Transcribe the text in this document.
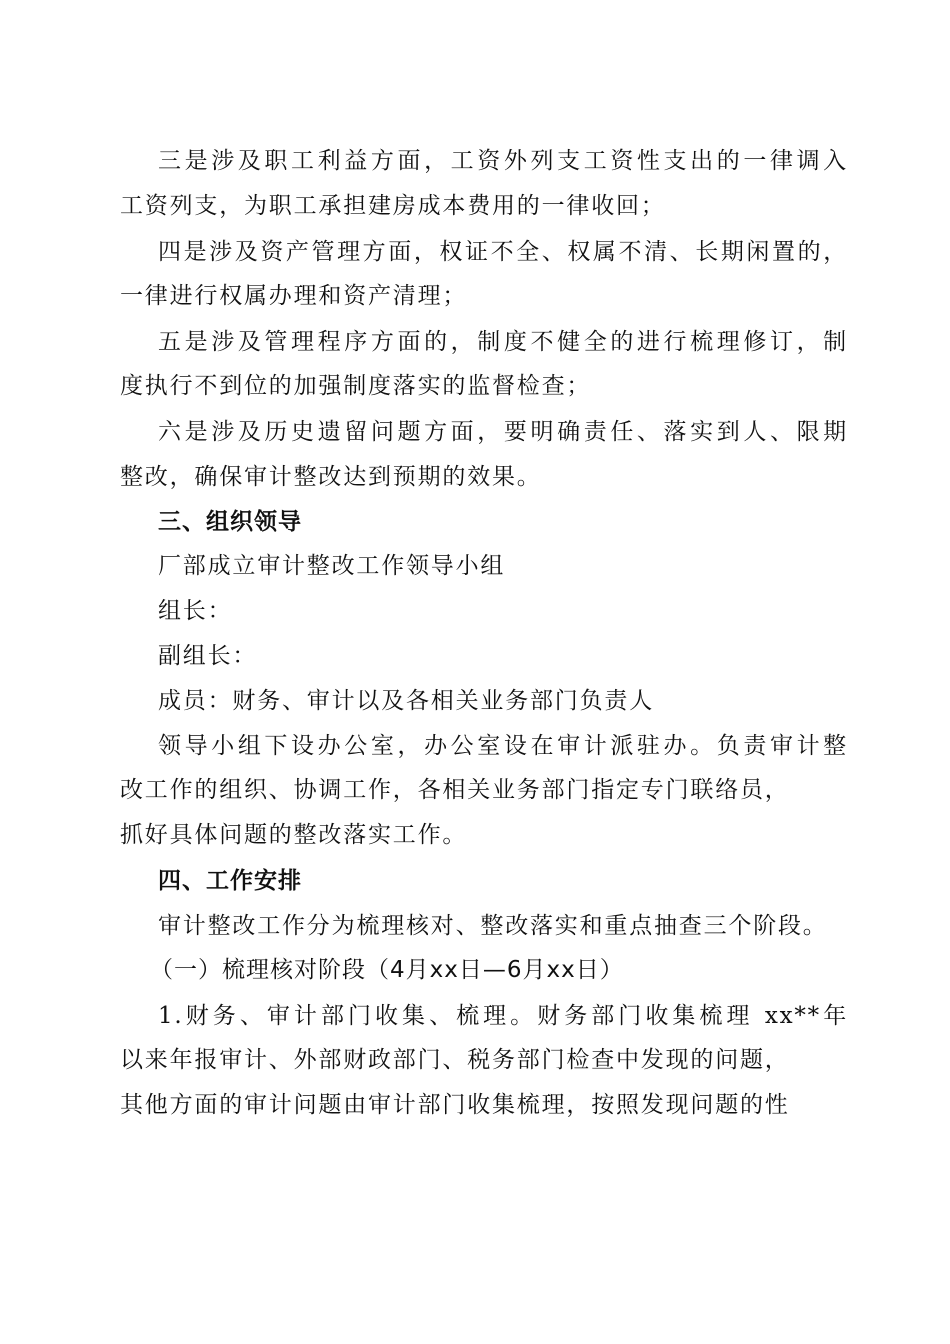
三是涉及职工利益方面，工资外列支工资性支出的一律调入
工资列支，为职工承担建房成本费用的一律收回；
四是涉及资产管理方面，权证不全、权属不清、长期闲置的，
一律进行权属办理和资产清理；
五是涉及管理程序方面的，制度不健全的进行梳理修订，制
度执行不到位的加强制度落实的监督检查；
六是涉及历史遗留问题方面，要明确责任、落实到人、限期
整改，确保审计整改达到预期的效果。
三、组织领导
厂部成立审计整改工作领导小组
组长：
副组长：
成员：财务、审计以及各相关业务部门负责人
领导小组下设办公室，办公室设在审计派驻办。负责审计整
改工作的组织、协调工作，各相关业务部门指定专门联络员，
抓好具体问题的整改落实工作。
四、工作安排
审计整改工作分为梳理核对、整改落实和重点抽查三个阶段。
（一）梳理核对阶段（4月xx日—6月xx日）
1.财务、审计部门收集、梳理。财务部门收集梳理 xx**年
以来年报审计、外部财政部门、税务部门检查中发现的问题，
其他方面的审计问题由审计部门收集梳理，按照发现问题的性
